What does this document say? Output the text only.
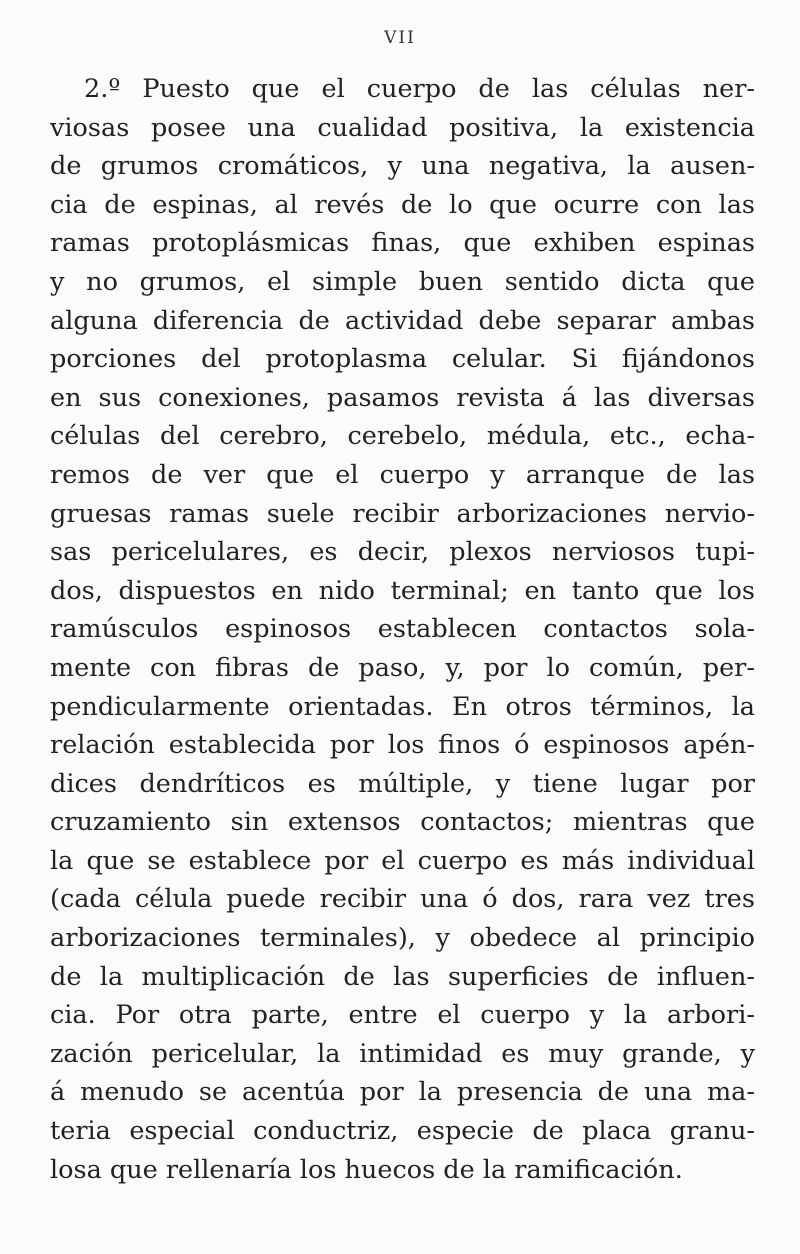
VII
2.º Puesto que el cuerpo de las células ner-
viosas posee una cualidad positiva, la existencia
de grumos cromáticos, y una negativa, la ausen-
cia de espinas, al revés de lo que ocurre con las
ramas protoplásmicas finas, que exhiben espinas
y no grumos, el simple buen sentido dicta que
alguna diferencia de actividad debe separar ambas
porciones del protoplasma celular. Si fijándonos
en sus conexiones, pasamos revista á las diversas
células del cerebro, cerebelo, médula, etc., echa-
remos de ver que el cuerpo y arranque de las
gruesas ramas suele recibir arborizaciones nervio-
sas pericelulares, es decir, plexos nerviosos tupi-
dos, dispuestos en nido terminal; en tanto que los
ramúsculos espinosos establecen contactos sola-
mente con fibras de paso, y, por lo común, per-
pendicularmente orientadas. En otros términos, la
relación establecida por los finos ó espinosos apén-
dices dendríticos es múltiple, y tiene lugar por
cruzamiento sin extensos contactos; mientras que
la que se establece por el cuerpo es más individual
(cada célula puede recibir una ó dos, rara vez tres
arborizaciones terminales), y obedece al principio
de la multiplicación de las superficies de influen-
cia. Por otra parte, entre el cuerpo y la arbori-
zación pericelular, la intimidad es muy grande, y
á menudo se acentúa por la presencia de una ma-
teria especial conductriz, especie de placa granu-
losa que rellenaría los huecos de la ramificación.
